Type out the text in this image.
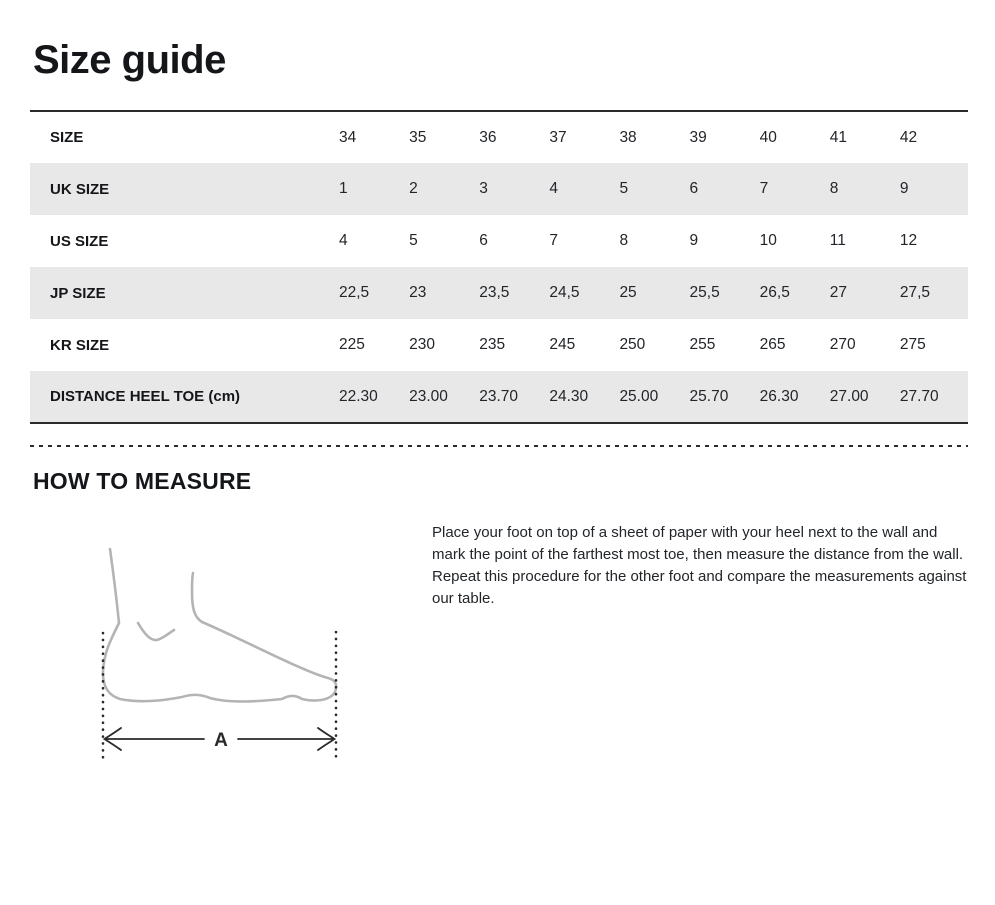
Size guide
SIZE	34	35	36	37	38	39	40	41	42
UK SIZE	1	2	3	4	5	6	7	8	9
US SIZE	4	5	6	7	8	9	10	11	12
JP SIZE	22,5	23	23,5	24,5	25	25,5	26,5	27	27,5
KR SIZE	225	230	235	245	250	255	265	270	275
DISTANCE HEEL TOE (cm)	22.30	23.00	23.70	24.30	25.00	25.70	26.30	27.00	27.70
HOW TO MEASURE
A

Place your foot on top of a sheet of paper with your heel next to the wall and mark the point of the farthest most toe, then measure the distance from the wall. Repeat this procedure for the other foot and compare the measurements against our table.
